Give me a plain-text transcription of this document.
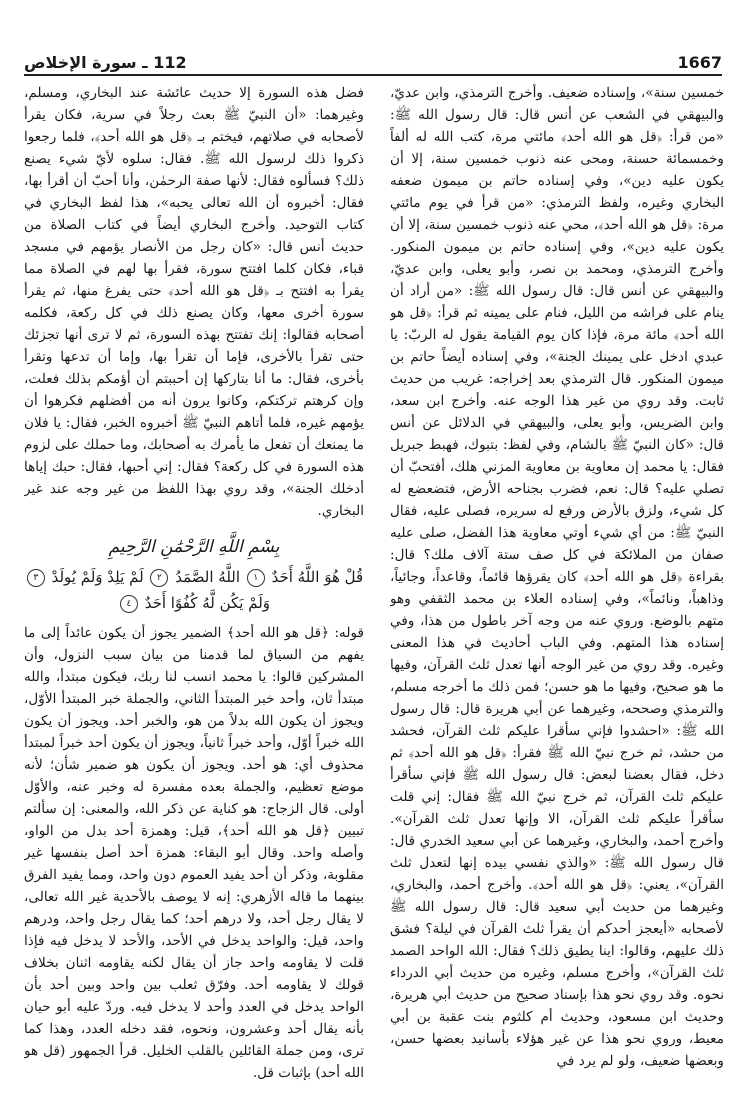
112 ـ سورة الإخلاص	1667

خمسين سنة»، وإسناده ضعيف. وأخرج الترمذي، وابن عديّ، والبيهقي في الشعب عن أنس قال: قال رسول الله ﷺ: «من قرأ: ﴿قل هو الله أحد﴾ مائتي مرة، كتب الله له ألفاً وخمسمائة حسنة، ومحى عنه ذنوب خمسين سنة، إلا أن يكون عليه دين»، وفي إسناده حاتم بن ميمون ضعفه البخاري وغيره، ولفظ الترمذي: «من قرأ في يوم مائتي مرة: ﴿قل هو الله أحد﴾، محي عنه ذنوب خمسين سنة، إلا أن يكون عليه دين»، وفي إسناده حاتم بن ميمون المنكور. وأخرج الترمذي، ومحمد بن نصر، وأبو يعلى، وابن عديّ، والبيهقي عن أنس قال: قال رسول الله ﷺ: «من أراد أن ينام على فراشه من الليل، فنام على يمينه ثم قرأ: ﴿قل هو الله أحد﴾ مائة مرة، فإذا كان يوم القيامة يقول له الربّ: يا عبدي ادخل على يمينك الجنة»، وفي إسناده أيضاً حاتم بن ميمون المنكور. قال الترمذي بعد إخراجه: غريب من حديث ثابت. وقد روي من غير هذا الوجه عنه. وأخرج ابن سعد، وابن الضريس، وأبو يعلى، والبيهقي في الدلائل عن أنس قال: «كان النبيّ ﷺ بالشام، وفي لفظ: بتبوك، فهبط جبريل فقال: يا محمد إن معاوية بن معاوية المزني هلك، أفتحبّ أن تصلي عليه؟ قال: نعم، فضرب بجناحه الأرض، فتضعضع له كل شيء، ولزق بالأرض ورفع له سريره، فصلى عليه، فقال النبيّ ﷺ: من أي شيء أوتي معاوية هذا الفضل، صلى عليه صفان من الملائكة في كل صف ستة آلاف ملك؟ قال: بقراءة ﴿قل هو الله أحد﴾ كان يقرؤها قائماً، وقاعداً، وجائياً، وذاهباً، ونائماً»، وفي إسناده العلاء بن محمد الثقفي وهو متهم بالوضع. وروي عنه من وجه آخر باطول من هذا، وفي إسناده هذا المتهم. وفي الباب أحاديث في هذا المعنى وغيره. وقد روي من غير الوجه أنها تعدل ثلث القرآن، وفيها ما هو صحيح، وفيها ما هو حسن؛ فمن ذلك ما أخرجه مسلم، والترمذي وصححه، وغيرهما عن أبي هريرة قال: قال رسول الله ﷺ: «احشدوا فإني سأقرا عليكم ثلث القرآن، فحشد من حشد، ثم خرج نبيّ الله ﷺ فقرأ: ﴿قل هو الله أحد﴾ ثم دخل، فقال بعضنا لبعض: قال رسول الله ﷺ فإني سأقرأ عليكم ثلث القرآن، ثم خرج نبيّ الله ﷺ فقال: إني قلت سأقرأ عليكم ثلث القرآن، الا وإنها تعدل ثلث القرآن». وأخرج أحمد، والبخاري، وغيرهما عن أبي سعيد الخدري قال: قال رسول الله ﷺ: «والذي نفسي بيده إنها لتعدل ثلث القرآن»، يعني: ﴿قل هو الله أحد﴾. وأخرج أحمد، والبخاري، وغيرهما من حديث أبي سعيد قال: قال رسول الله ﷺ لأصحابه «أيعجز أحدكم أن يقرأ ثلث القرآن في ليلة؟ فشق ذلك عليهم، وقالوا: اينا يطيق ذلك؟ فقال: الله الواحد الصمد ثلث القرآن»، وأخرج مسلم، وغيره من حديث أبي الدرداء نحوه. وقد روي نحو هذا بإسناد صحيح من حديث أبي هريرة، وحديث ابن مسعود، وحديث أم كلثوم بنت عقبة بن أبي معيط، وروي نحو هذا عن غير هؤلاء بأسانيد بعضها حسن، وبعضها ضعيف، ولو لم يرد في

فضل هذه السورة إلا حديث عائشة عند البخاري، ومسلم، وغيرهما: «أن النبيّ ﷺ بعث رجلاً في سرية، فكان يقرأ لأصحابه في صلاتهم، فيختم بـ ﴿قل هو الله أحد﴾، فلما رجعوا ذكروا ذلك لرسول الله ﷺ. فقال: سلوه لأيّ شيء يصنع ذلك؟ فسألوه فقال: لأنها صفة الرحمٰن، وأنا أحبّ أن أقرأ بها، فقال: أخبروه أن الله تعالى يحبه»، هذا لفظ البخاري في كتاب التوحيد. وأخرج البخاري أيضاً في كتاب الصلاة من حديث أنس قال: «كان رجل من الأنصار يؤمهم في مسجد قباء، فكان كلما افتتح سورة، فقرأ بها لهم في الصلاة مما يقرأ به افتتح بـ ﴿قل هو الله أحد﴾ حتى يفرغ منها، ثم يقرأ سورة أخرى معها، وكان يصنع ذلك في كل ركعة، فكلمه أصحابه فقالوا: إنك تفتتح بهذه السورة، ثم لا ترى أنها تجزئك حتى تقرأ بالأخرى، فإما أن تقرأ بها، وإما أن تدعها وتقرأ بأخرى، فقال: ما أنا بتاركها إن أحببتم أن أؤمكم بذلك فعلت، وإن كرهتم تركتكم، وكانوا يرون أنه من أفضلهم فكرهوا أن يؤمهم غيره، فلما أتاهم النبيّ ﷺ أخبروه الخبر، فقال: يا فلان ما يمنعك أن تفعل ما يأمرك به أصحابك، وما حملك على لزوم هذه السورة في كل ركعة؟ فقال: إني أحبها، فقال: حبك إياها أدخلك الجنة»، وقد روي بهذا اللفظ من غير وجه عند غير البخاري.

بِسْمِ اللَّهِ الرَّحْمَٰنِ الرَّحِيمِ
قُلْ هُوَ اللَّهُ أَحَدٌ ١ اللَّهُ الصَّمَدُ ٢ لَمْ يَلِدْ وَلَمْ يُولَدْ ٣
وَلَمْ يَكُن لَّهُ كُفُوًا أَحَدٌ ٤

قوله: ﴿قل هو الله أحد﴾ الضمير يجوز أن يكون عائداً إلى ما يفهم من السياق لما قدمنا من بيان سبب النزول، وأن المشركين قالوا: يا محمد انسب لنا ربك، فيكون مبتدأ، والله مبتدأ ثان، وأحد خبر المبتدأ الثاني، والجملة خبر المبتدأ الأوّل، ويجوز أن يكون الله بدلاً من هو، والخبر أحد. ويجوز أن يكون الله خبراً أوّل، وأحد خبراً ثانياً، ويجوز أن يكون أحد خبراً لمبتدأ محذوف أي: هو أحد. ويجوز أن يكون هو ضمير شأن؛ لأنه موضع تعظيم، والجملة بعده مفسرة له وخبر عنه، والأوّل أولى. قال الزجاج: هو كناية عن ذكر الله، والمعنى: إن سألتم تبيين ﴿قل هو الله أحد﴾، قيل: وهمزة أحد بدل من الواو، وأصله واحد. وقال أبو البقاء: همزة أحد أصل بنفسها غير مقلوبة، وذكر أن أحد يفيد العموم دون واحد، ومما يفيد الفرق بينهما ما قاله الأزهري: إنه لا يوصف بالأحدية غير الله تعالى، لا يقال رجل أحد، ولا درهم أحد؛ كما يقال رجل واحد، ودرهم واحد، قيل: والواحد يدخل في الأحد، والأحد لا يدخل فيه فإذا قلت لا يقاومه واحد جاز أن يقال لكنه يقاومه اثنان بخلاف قولك لا يقاومه أحد. وفرّق ثعلب بين واحد وبين أحد بأن الواحد يدخل في العدد وأحد لا يدخل فيه. وردّ عليه أبو حيان بأنه يقال أحد وعشرون، ونحوه، فقد دخله العدد، وهذا كما ترى، ومن جملة القائلين بالقلب الخليل. قرأ الجمهور (قل هو الله أحد) بإثبات قل.
